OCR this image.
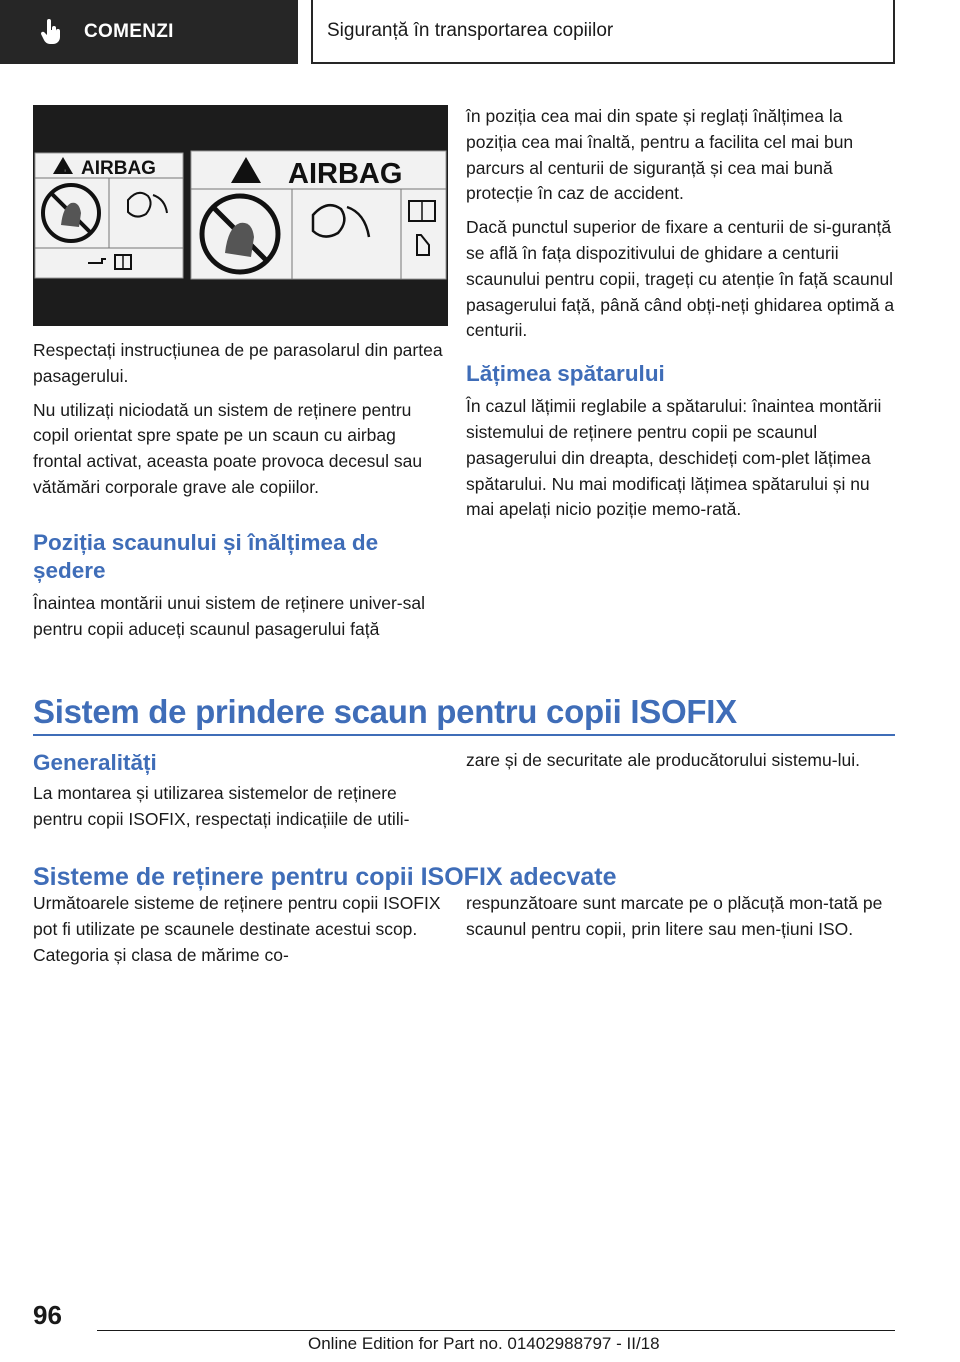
COMENZI	Siguranță în transportarea copiilor
! AIRBAG	AIRBAG

Respectați instrucțiunea de pe parasolarul din partea pasagerului.

Nu utilizați niciodată un sistem de reținere pentru copil orientat spre spate pe un scaun cu airbag frontal activat, aceasta poate provoca decesul sau vătămări corporale grave ale copiilor.

Poziția scaunului și înălțimea de ședere

Înaintea montării unui sistem de reținere univer-sal pentru copii aduceți scaunul pasagerului față

în poziția cea mai din spate și reglați înălțimea la poziția cea mai înaltă, pentru a facilita cel mai bun parcurs al centurii de siguranță și cea mai bună protecție în caz de accident.

Dacă punctul superior de fixare a centurii de si-guranță se află în fața dispozitivului de ghidare a centurii scaunului pentru copii, trageți cu atenție în față scaunul pasagerului față, până când obți-neți ghidarea optimă a centurii.

Lățimea spătarului

În cazul lățimii reglabile a spătarului: înaintea montării sistemului de reținere pentru copii pe scaunul pasagerului din dreapta, deschideți com-plet lățimea spătarului. Nu mai modificați lățimea spătarului și nu mai apelați nicio poziție memo-rată.

Sistem de prindere scaun pentru copii ISOFIX
Generalități

La montarea și utilizarea sistemelor de reținere pentru copii ISOFIX, respectați indicațiile de utili-

zare și de securitate ale producătorului sistemu-lui.

Sisteme de reținere pentru copii ISOFIX adecvate

Următoarele sisteme de reținere pentru copii ISOFIX pot fi utilizate pe scaunele destinate acestui scop. Categoria și clasa de mărime co-

respunzătoare sunt marcate pe o plăcuță mon-tată pe scaunul pentru copii, prin litere sau men-țiuni ISO.

96
Online Edition for Part no. 01402988797 - II/18
